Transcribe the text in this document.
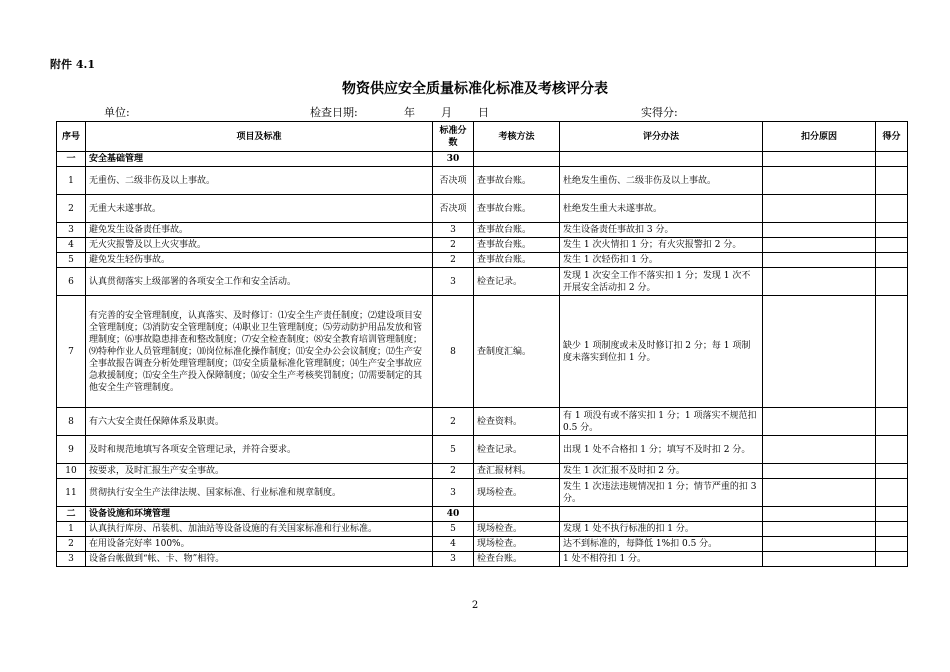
附件 4.1
物资供应安全质量标准化标准及考核评分表
单位:	检查日期:	年 月 日	实得分:
序号	项目及标准	标准分数	考核方法	评分办法	扣分原因	得分
一	安全基础管理	30				
1	无重伤、二级非伤及以上事故。	否决项	查事故台账。	杜绝发生重伤、二级非伤及以上事故。		
2	无重大未遂事故。	否决项	查事故台账。	杜绝发生重大未遂事故。		
3	避免发生设备责任事故。	3	查事故台账。	发生设备责任事故扣 3 分。		
4	无火灾报警及以上火灾事故。	2	查事故台账。	发生 1 次火情扣 1 分；有火灾报警扣 2 分。		
5	避免发生轻伤事故。	2	查事故台账。	发生 1 次轻伤扣 1 分。		
6	认真贯彻落实上级部署的各项安全工作和安全活动。	3	检查记录。	发现 1 次安全工作不落实扣 1 分；发现 1 次不开展安全活动扣 2 分。		
7	有完善的安全管理制度，认真落实、及时修订：⑴安全生产责任制度；⑵建设项目安全管理制度；⑶消防安全管理制度；⑷职业卫生管理制度；⑸劳动防护用品发放和管理制度；⑹事故隐患排查和整改制度；⑺安全检查制度；⑻安全教育培训管理制度；⑼特种作业人员管理制度；⑽岗位标准化操作制度；⑾安全办公会议制度；⑿生产安全事故报告调查分析处理管理制度；⒀安全质量标准化管理制度；⒁生产安全事故应急救援制度；⒂安全生产投入保障制度；⒃安全生产考核奖罚制度；⒄需要制定的其他安全生产管理制度。	8	查制度汇编。	缺少 1 项制度或未及时修订扣 2 分；每 1 项制度未落实到位扣 1 分。		
8	有六大安全责任保障体系及职责。	2	检查资料。	有 1 项没有或不落实扣 1 分；1 项落实不规范扣 0.5 分。		
9	及时和规范地填写各项安全管理记录，并符合要求。	5	检查记录。	出现 1 处不合格扣 1 分；填写不及时扣 2 分。		
10	按要求，及时汇报生产安全事故。	2	查汇报材料。	发生 1 次汇报不及时扣 2 分。		
11	贯彻执行安全生产法律法规、国家标准、行业标准和规章制度。	3	现场检查。	发生 1 次违法违规情况扣 1 分；情节严重的扣 3 分。		
二	设备设施和环境管理	40				
1	认真执行库房、吊装机、加油站等设备设施的有关国家标准和行业标准。	5	现场检查。	发现 1 处不执行标准的扣 1 分。		
2	在用设备完好率 100%。	4	现场检查。	达不到标准的，每降低 1%扣 0.5 分。		
3	设备台帐做到“帐、卡、物”相符。	3	检查台账。	1 处不相符扣 1 分。		
2
